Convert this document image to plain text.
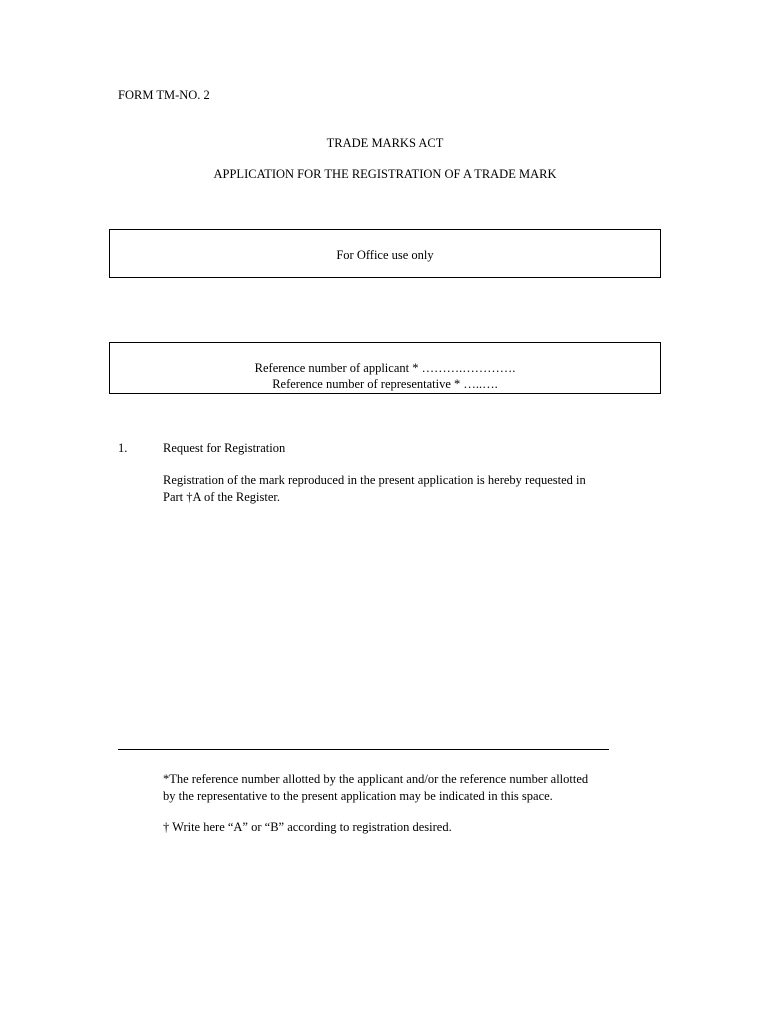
FORM TM-NO. 2
TRADE MARKS ACT
APPLICATION FOR THE REGISTRATION OF A TRADE MARK
For Office use only
Reference number of applicant * ……….………….
Reference number of representative * …..….
1.	Request for Registration
Registration of the mark reproduced in the present application is hereby requested in
Part †A of the Register.
*The reference number allotted by the applicant and/or the reference number allotted
by the representative to the present application may be indicated in this space.
† Write here “A” or “B” according to registration desired.
